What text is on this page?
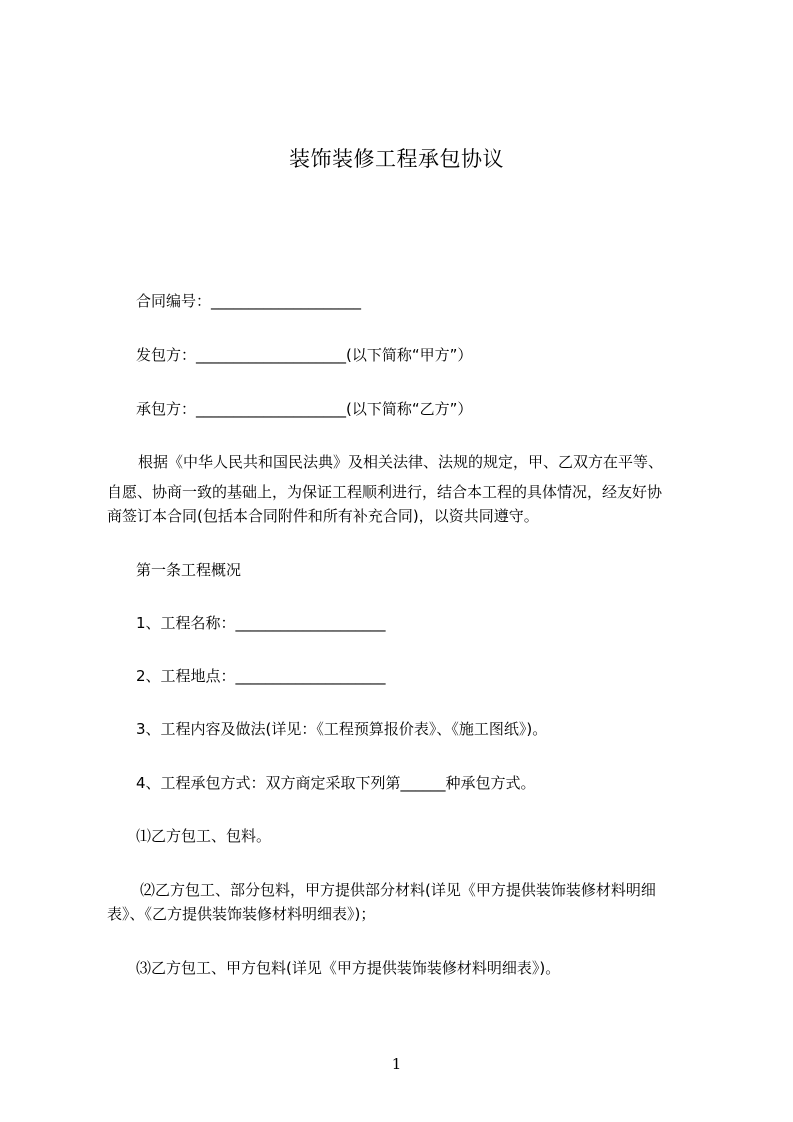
装饰装修工程承包协议
合同编号：____________________
发包方：____________________(以下简称“甲方”）
承包方：____________________(以下简称“乙方”）
根据《中华人民共和国民法典》及相关法律、法规的规定，甲、乙双方在平等、
自愿、协商一致的基础上，为保证工程顺利进行，结合本工程的具体情况，经友好协
商签订本合同(包括本合同附件和所有补充合同)，以资共同遵守。
第一条工程概况
1、工程名称：____________________
2、工程地点：____________________
3、工程内容及做法(详见：《工程预算报价表》、《施工图纸》)。
4、工程承包方式：双方商定采取下列第______种承包方式。
⑴乙方包工、包料。
⑵乙方包工、部分包料，甲方提供部分材料(详见《甲方提供装饰装修材料明细
表》、《乙方提供装饰装修材料明细表》)；
⑶乙方包工、甲方包料(详见《甲方提供装饰装修材料明细表》)。
1
